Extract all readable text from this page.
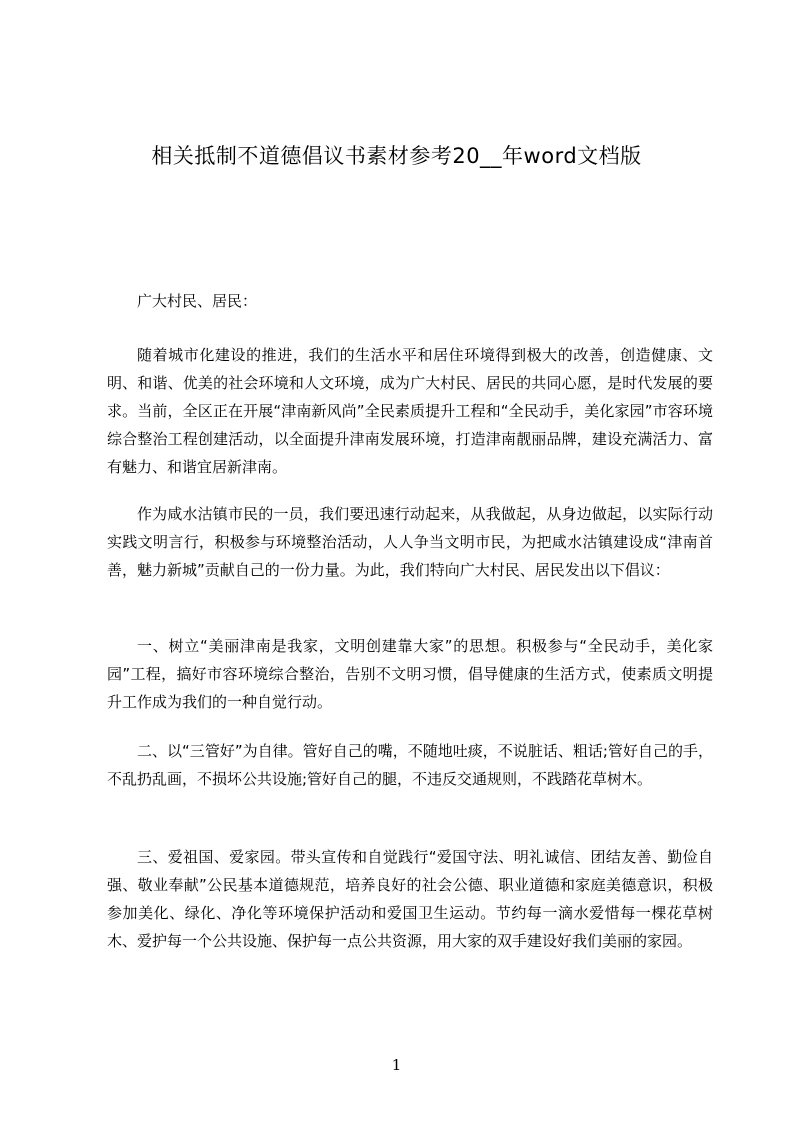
相关抵制不道德倡议书素材参考20__年word文档版
广大村民、居民：
随着城市化建设的推进，我们的生活水平和居住环境得到极大的改善，创造健康、文明、和谐、优美的社会环境和人文环境，成为广大村民、居民的共同心愿，是时代发展的要求。当前，全区正在开展“津南新风尚”全民素质提升工程和“全民动手，美化家园”市容环境综合整治工程创建活动，以全面提升津南发展环境，打造津南靓丽品牌，建设充满活力、富有魅力、和谐宜居新津南。
作为咸水沽镇市民的一员，我们要迅速行动起来，从我做起，从身边做起，以实际行动实践文明言行，积极参与环境整治活动，人人争当文明市民，为把咸水沽镇建设成“津南首善，魅力新城”贡献自己的一份力量。为此，我们特向广大村民、居民发出以下倡议：
一、树立“美丽津南是我家，文明创建靠大家”的思想。积极参与“全民动手，美化家园”工程，搞好市容环境综合整治，告别不文明习惯，倡导健康的生活方式，使素质文明提升工作成为我们的一种自觉行动。
二、以“三管好”为自律。管好自己的嘴，不随地吐痰，不说脏话、粗话;管好自己的手，不乱扔乱画，不损坏公共设施;管好自己的腿，不违反交通规则，不践踏花草树木。
三、爱祖国、爱家园。带头宣传和自觉践行“爱国守法、明礼诚信、团结友善、勤俭自强、敬业奉献”公民基本道德规范，培养良好的社会公德、职业道德和家庭美德意识，积极参加美化、绿化、净化等环境保护活动和爱国卫生运动。节约每一滴水爱惜每一棵花草树木、爱护每一个公共设施、保护每一点公共资源，用大家的双手建设好我们美丽的家园。
1
